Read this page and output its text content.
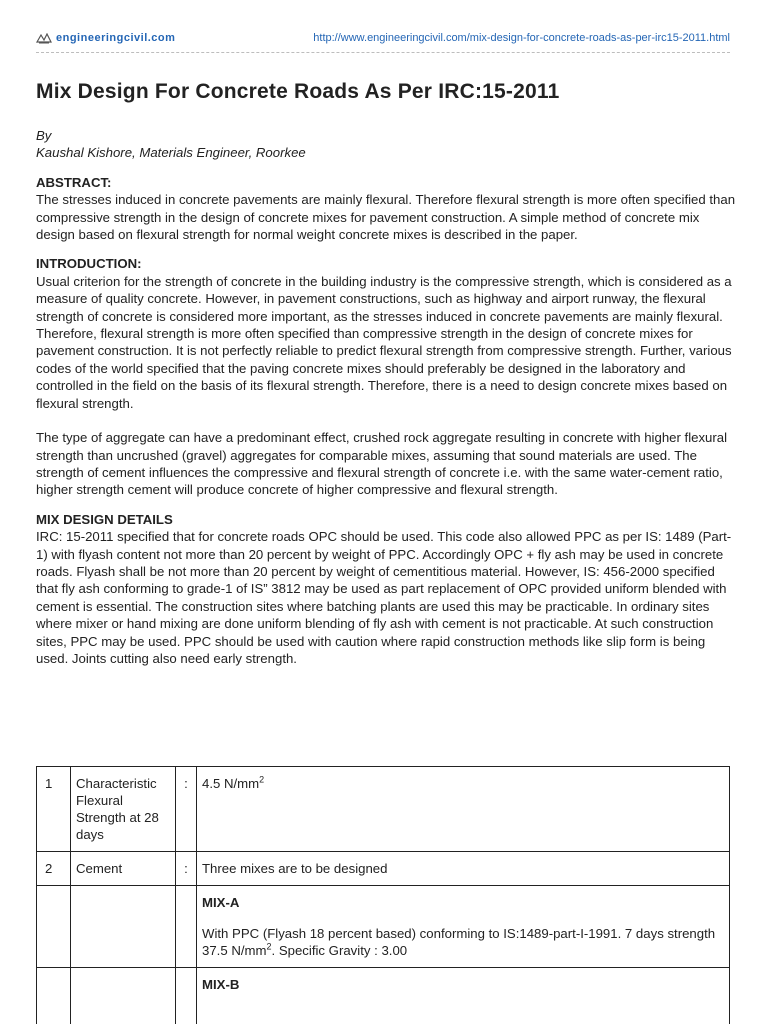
engineeringcivil.com	http://www.engineeringcivil.com/mix-design-for-concrete-roads-as-per-irc15-2011.html
Mix Design For Concrete Roads As Per IRC:15-2011

By

Kaushal Kishore, Materials Engineer, Roorkee

ABSTRACT:

The stresses induced in concrete pavements are mainly flexural. Therefore flexural strength is more often specified than compressive strength in the design of concrete mixes for pavement construction. A simple method of concrete mix design based on flexural strength for normal weight concrete mixes is described in the paper.

INTRODUCTION:

Usual criterion for the strength of concrete in the building industry is the compressive strength, which is considered as a measure of quality concrete. However, in pavement constructions, such as highway and airport runway, the flexural strength of concrete is considered more important, as the stresses induced in concrete pavements are mainly flexural. Therefore, flexural strength is more often specified than compressive strength in the design of concrete mixes for pavement construction. It is not perfectly reliable to predict flexural strength from compressive strength. Further, various codes of the world specified that the paving concrete mixes should preferably be designed in the laboratory and controlled in the field on the basis of its flexural strength. Therefore, there is a need to design concrete mixes based on flexural strength.

The type of aggregate can have a predominant effect, crushed rock aggregate resulting in concrete with higher flexural strength than uncrushed (gravel) aggregates for comparable mixes, assuming that sound materials are used. The strength of cement influences the compressive and flexural strength of concrete i.e. with the same water-cement ratio, higher strength cement will produce concrete of higher compressive and flexural strength.

MIX DESIGN DETAILS

IRC: 15-2011 specified that for concrete roads OPC should be used. This code also allowed PPC as per IS: 1489 (Part-1) with flyash content not more than 20 percent by weight of PPC. Accordingly OPC + fly ash may be used in concrete roads. Flyash shall be not more than 20 percent by weight of cementitious material. However, IS: 456-2000 specified that fly ash conforming to grade-1 of IS” 3812 may be used as part replacement of OPC provided uniform blended with cement is essential. The construction sites where batching plants are used this may be practicable. In ordinary sites where mixer or hand mixing are done uniform blending of fly ash with cement is not practicable. At such construction sites, PPC may be used. PPC should be used with caution where rapid construction methods like slip form is being used. Joints cutting also need early strength.

1	Characteristic Flexural Strength at 28 days	:	4.5 $N/mm^2$
2	Cement	:	Three mixes are to be designed

			MIX-A
With PPC (Flyash 18 percent based) conforming to IS:1489-part-I-1991. 7 days strength 37.5 $N/mm^2$. Specific Gravity : 3.00

			MIX-B
